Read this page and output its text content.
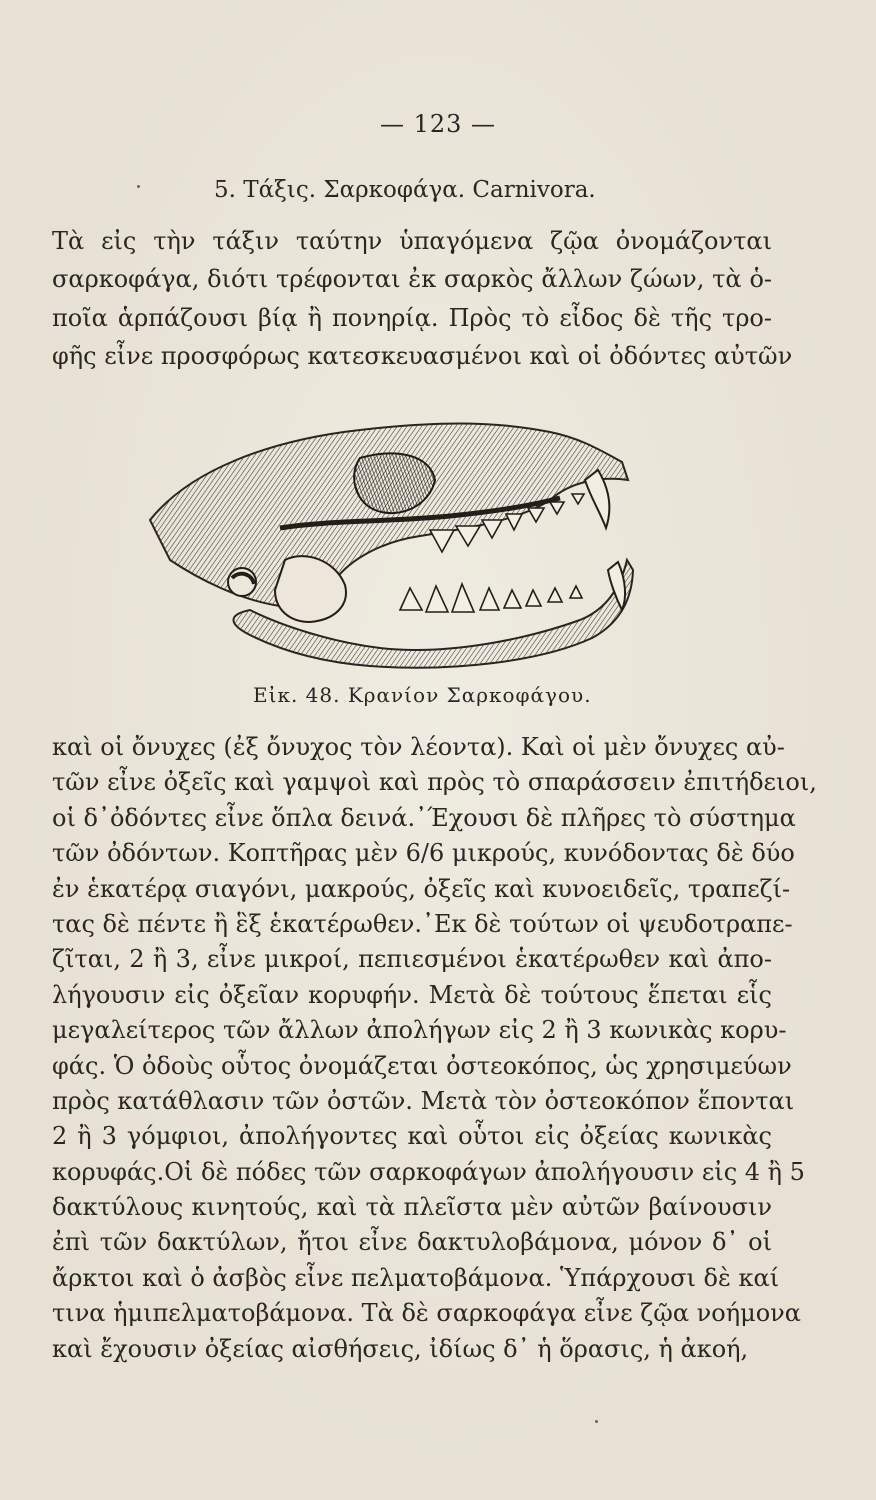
— 123 —
5. Τάξις. Σαρκοφάγα. Carnivora.
Τὰ εἰς τὴν τάξιν ταύτην ὑπαγόμενα ζῷα ὀνομάζονται
σαρκοφάγα, διότι τρέφονται ἐκ σαρκὸς ἄλλων ζώων, τὰ ὁ-
ποῖα ἁρπάζουσι βίᾳ ἢ πονηρίᾳ. Πρὸς τὸ εἶδος δὲ τῆς τρο-
φῆς εἶνε προσφόρως κατεσκευασμένοι καὶ οἱ ὀδόντες αὐτῶν
Εἰκ. 48. Κρανίον Σαρκοφάγου.
καὶ οἱ ὄνυχες (ἐξ ὄνυχος τὸν λέοντα). Καὶ οἱ μὲν ὄνυχες αὐ-
τῶν εἶνε ὀξεῖς καὶ γαμψοὶ καὶ πρὸς τὸ σπαράσσειν ἐπιτήδειοι,
οἱ δ᾽ὀδόντες εἶνε ὅπλα δεινά.᾽Έχουσι δὲ πλῆρες τὸ σύστημα
τῶν ὀδόντων. Κοπτῆρας μὲν 6/6 μικρούς, κυνόδοντας δὲ δύο
ἐν ἑκατέρᾳ σιαγόνι, μακρούς, ὀξεῖς καὶ κυνοειδεῖς, τραπεζί-
τας δὲ πέντε ἢ ἓξ ἑκατέρωθεν.᾽Εκ δὲ τούτων οἱ ψευδοτραπε-
ζῖται, 2 ἢ 3, εἶνε μικροί, πεπιεσμένοι ἑκατέρωθεν καὶ ἀπο-
λήγουσιν εἰς ὀξεῖαν κορυφήν. Μετὰ δὲ τούτους ἕπεται εἷς
μεγαλείτερος τῶν ἄλλων ἀπολήγων εἰς 2 ἢ 3 κωνικὰς κορυ-
φάς. Ὁ ὀδοὺς οὗτος ὀνομάζεται ὀστεοκόπος, ὡς χρησιμεύων
πρὸς κατάθλασιν τῶν ὀστῶν. Μετὰ τὸν ὀστεοκόπον ἕπονται
2 ἢ 3 γόμφιοι, ἀπολήγοντες καὶ οὗτοι εἰς ὀξείας κωνικὰς
κορυφάς.Οἱ δὲ πόδες τῶν σαρκοφάγων ἀπολήγουσιν εἰς 4 ἢ 5
δακτύλους κινητούς, καὶ τὰ πλεῖστα μὲν αὐτῶν βαίνουσιν
ἐπὶ τῶν δακτύλων, ἤτοι εἶνε δακτυλοβάμονα, μόνον δ᾽ οἱ
ἄρκτοι καὶ ὁ ἀσβὸς εἶνε πελματοβάμονα. Ὑπάρχουσι δὲ καί
τινα ἡμιπελματοβάμονα. Τὰ δὲ σαρκοφάγα εἶνε ζῷα νοήμονα
καὶ ἔχουσιν ὀξείας αἰσθήσεις, ἰδίως δ᾽ ἡ ὅρασις, ἡ ἀκοή,
